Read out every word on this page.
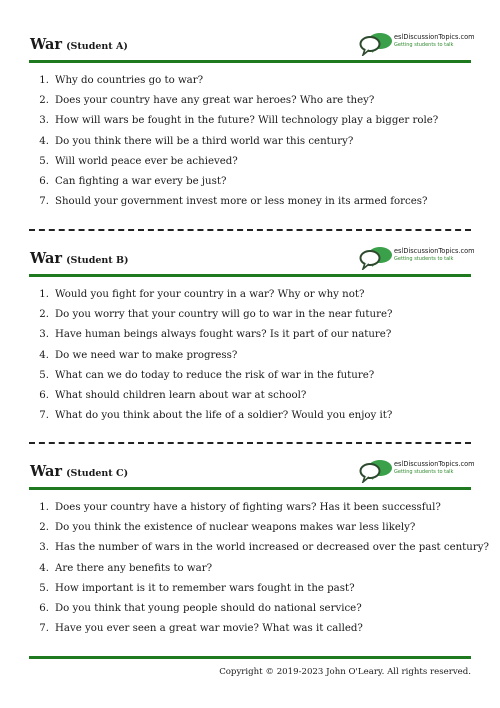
War (Student A)
eslDiscussionTopics.com
Getting students to talk
1. Why do countries go to war?
2. Does your country have any great war heroes? Who are they?
3. How will wars be fought in the future? Will technology play a bigger role?
4. Do you think there will be a third world war this century?
5. Will world peace ever be achieved?
6. Can fighting a war every be just?
7. Should your government invest more or less money in its armed forces?
War (Student B)
eslDiscussionTopics.com
Getting students to talk
1. Would you fight for your country in a war? Why or why not?
2. Do you worry that your country will go to war in the near future?
3. Have human beings always fought wars? Is it part of our nature?
4. Do we need war to make progress?
5. What can we do today to reduce the risk of war in the future?
6. What should children learn about war at school?
7. What do you think about the life of a soldier? Would you enjoy it?
War (Student C)
eslDiscussionTopics.com
Getting students to talk
1. Does your country have a history of fighting wars? Has it been successful?
2. Do you think the existence of nuclear weapons makes war less likely?
3. Has the number of wars in the world increased or decreased over the past century?
4. Are there any benefits to war?
5. How important is it to remember wars fought in the past?
6. Do you think that young people should do national service?
7. Have you ever seen a great war movie? What was it called?
Copyright © 2019-2023 John O'Leary. All rights reserved.
